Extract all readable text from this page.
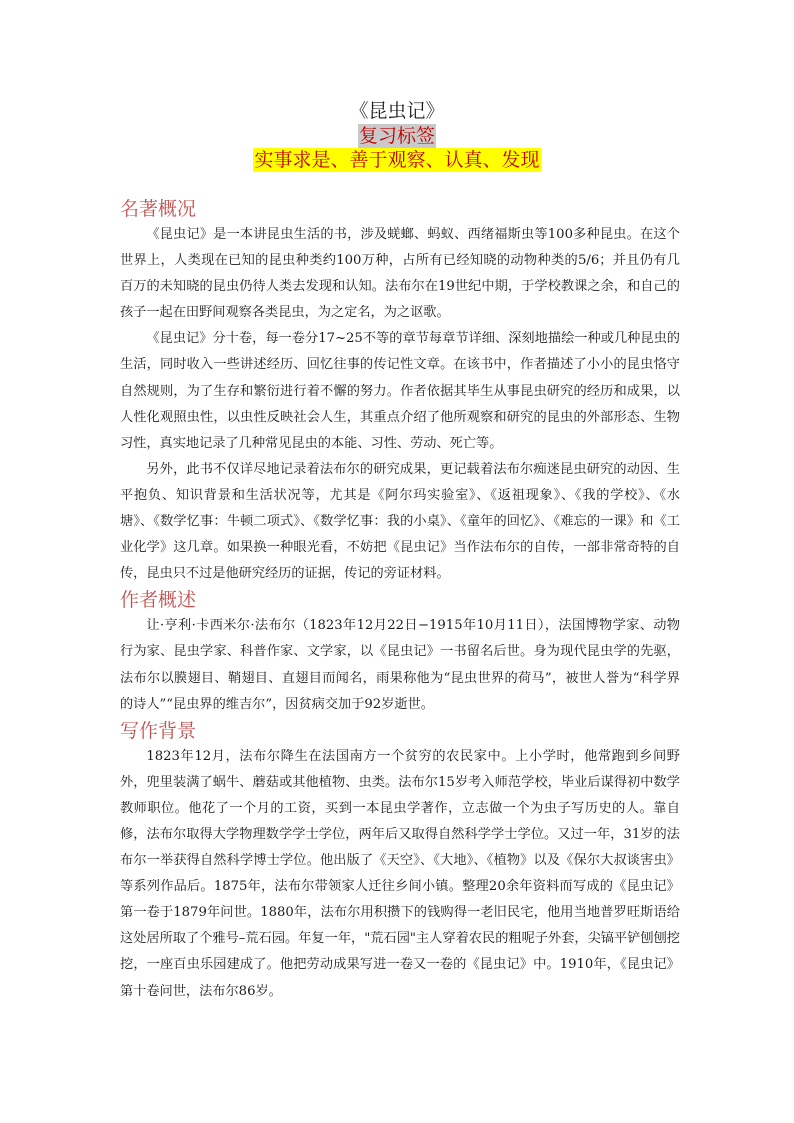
《昆虫记》
复习标签
实事求是、善于观察、认真、发现
名著概况

《昆虫记》是一本讲昆虫生活的书，涉及蜣螂、蚂蚁、西绪福斯虫等100多种昆虫。在这个世界上，人类现在已知的昆虫种类约100万种，占所有已经知晓的动物种类的5/6；并且仍有几百万的未知晓的昆虫仍待人类去发现和认知。法布尔在19世纪中期，于学校教课之余，和自己的孩子一起在田野间观察各类昆虫，为之定名，为之讴歌。

《昆虫记》分十卷，每一卷分17~25不等的章节每章节详细、深刻地描绘一种或几种昆虫的生活，同时收入一些讲述经历、回忆往事的传记性文章。在该书中，作者描述了小小的昆虫恪守自然规则，为了生存和繁衍进行着不懈的努力。作者依据其毕生从事昆虫研究的经历和成果，以人性化观照虫性，以虫性反映社会人生，其重点介绍了他所观察和研究的昆虫的外部形态、生物习性，真实地记录了几种常见昆虫的本能、习性、劳动、死亡等。

另外，此书不仅详尽地记录着法布尔的研究成果，更记载着法布尔痴迷昆虫研究的动因、生平抱负、知识背景和生活状况等，尤其是《阿尔玛实验室》、《返祖现象》、《我的学校》、《水塘》、《数学忆事：牛顿二项式》、《数学忆事：我的小桌》、《童年的回忆》、《难忘的一课》和《工业化学》这几章。如果换一种眼光看，不妨把《昆虫记》当作法布尔的自传，一部非常奇特的自传，昆虫只不过是他研究经历的证据，传记的旁证材料。

作者概述

让·亨利·卡西米尔·法布尔（1823年12月22日−1915年10月11日），法国博物学家、动物行为家、昆虫学家、科普作家、文学家，以《昆虫记》一书留名后世。身为现代昆虫学的先驱，法布尔以膜翅目、鞘翅目、直翅目而闻名，雨果称他为“昆虫世界的荷马”，被世人誉为“科学界的诗人”“昆虫界的维吉尔”，因贫病交加于92岁逝世。

写作背景

1823年12月，法布尔降生在法国南方一个贫穷的农民家中。上小学时，他常跑到乡间野外，兜里装满了蜗牛、蘑菇或其他植物、虫类。法布尔15岁考入师范学校，毕业后谋得初中数学教师职位。他花了一个月的工资，买到一本昆虫学著作，立志做一个为虫子写历史的人。靠自修，法布尔取得大学物理数学学士学位，两年后又取得自然科学学士学位。又过一年，31岁的法布尔一举获得自然科学博士学位。他出版了《天空》、《大地》、《植物》以及《保尔大叔谈害虫》等系列作品后。1875年，法布尔带领家人迁往乡间小镇。整理20余年资料而写成的《昆虫记》第一卷于1879年问世。1880年，法布尔用积攒下的钱购得一老旧民宅，他用当地普罗旺斯语给这处居所取了个雅号–荒石园。年复一年，"荒石园"主人穿着农民的粗呢子外套，尖镐平铲刨刨挖挖，一座百虫乐园建成了。他把劳动成果写进一卷又一卷的《昆虫记》中。1910年，《昆虫记》第十卷问世，法布尔86岁。
